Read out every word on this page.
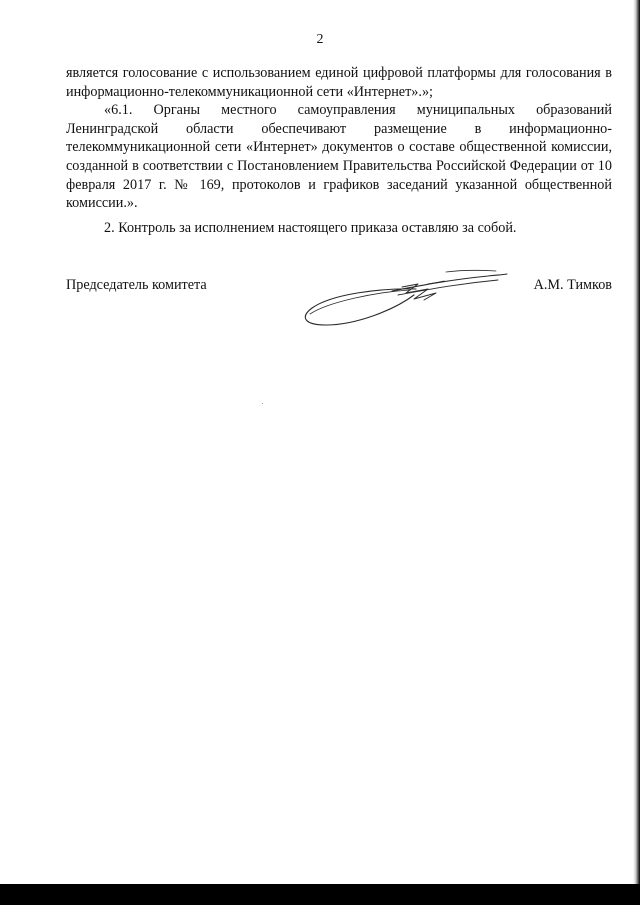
2

является голосование с использованием единой цифровой платформы для голосования в информационно-телекоммуникационной сети «Интернет».»;

«6.1. Органы местного самоуправления муниципальных образований Ленинградской области обеспечивают размещение в информационно-телекоммуникационной сети «Интернет» документов о составе общественной комиссии, созданной в соответствии с Постановлением Правительства Российской Федерации от 10 февраля 2017 г. № 169, протоколов и графиков заседаний указанной общественной комиссии.».

2. Контроль за исполнением настоящего приказа оставляю за собой.

Председатель комитета	А.М. Тимков
